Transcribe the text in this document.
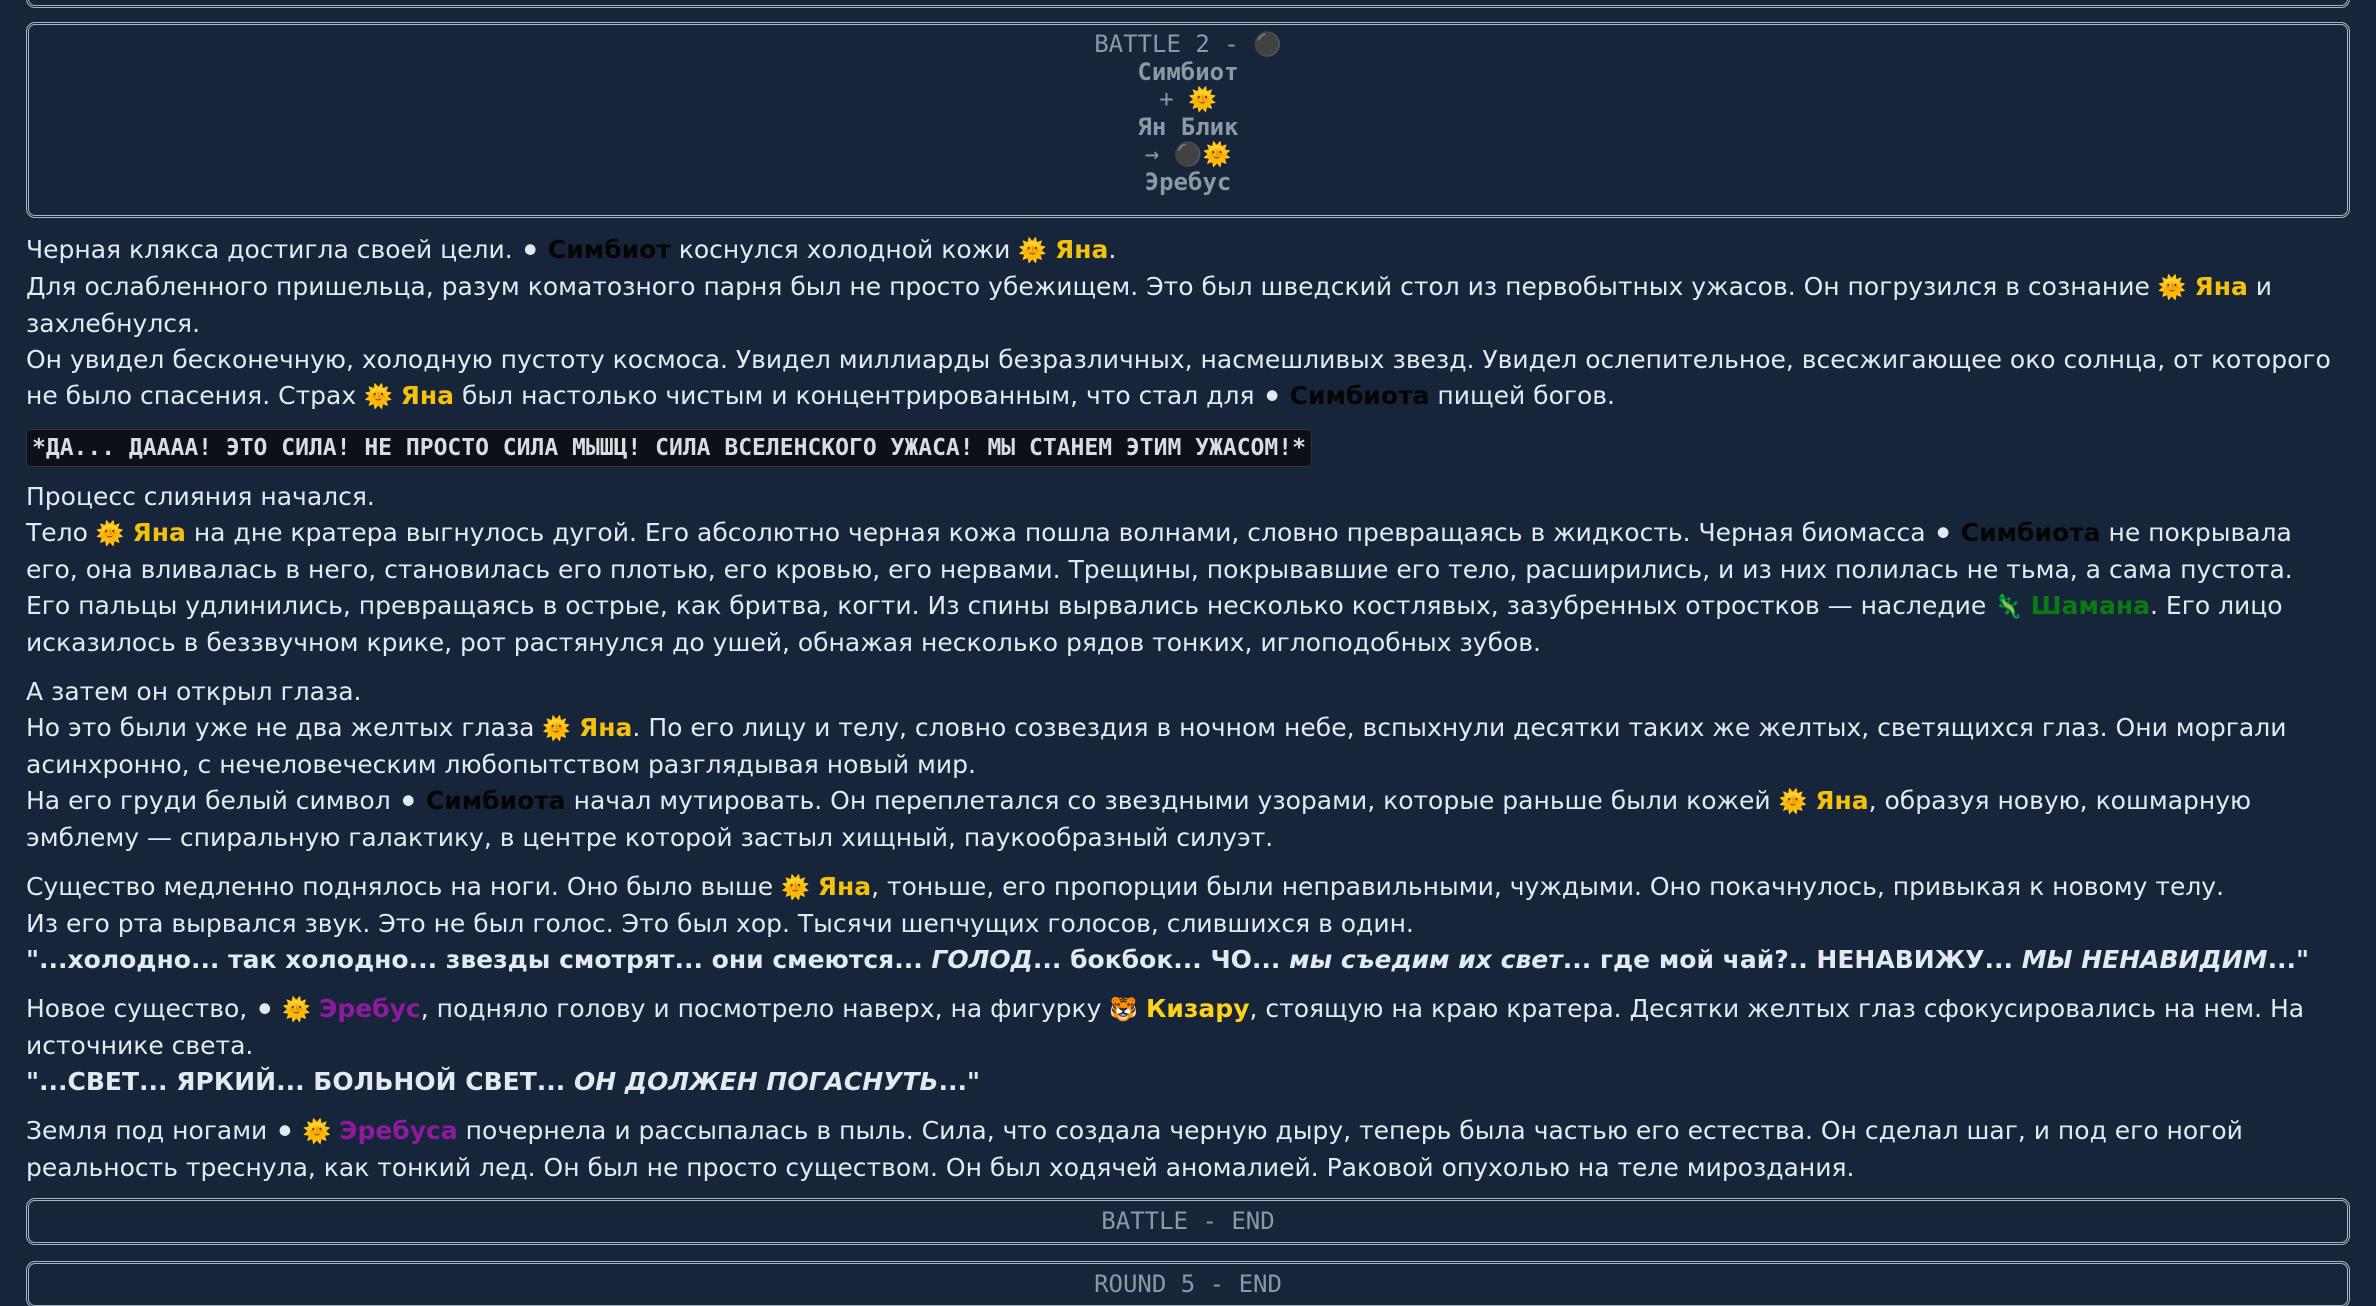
BATTLE 2 - ⚫
Симбиот
+ 🌞
Ян Блик
→ ⚫🌞
Эребус

Черная клякса достигла своей цели. ⚫ Симбиот коснулся холодной кожи 🌞 Яна.

Для ослабленного пришельца, разум коматозного парня был не просто убежищем. Это был шведский стол из первобытных ужасов. Он погрузился в сознание 🌞 Яна и захлебнулся.

Он увидел бесконечную, холодную пустоту космоса. Увидел миллиарды безразличных, насмешливых звезд. Увидел ослепительное, всесжигающее око солнца, от которого не было спасения. Страх 🌞 Яна был настолько чистым и концентрированным, что стал для ⚫ Симбиота пищей богов.

*ДА... ДАААА! ЭТО СИЛА! НЕ ПРОСТО СИЛА МЫШЦ! СИЛА ВСЕЛЕНСКОГО УЖАСА! МЫ СТАНЕМ ЭТИМ УЖАСОМ!*

Процесс слияния начался.

Тело 🌞 Яна на дне кратера выгнулось дугой. Его абсолютно черная кожа пошла волнами, словно превращаясь в жидкость. Черная биомасса ⚫ Симбиота не покрывала его, она вливалась в него, становилась его плотью, его кровью, его нервами. Трещины, покрывавшие его тело, расширились, и из них полилась не тьма, а сама пустота.

Его пальцы удлинились, превращаясь в острые, как бритва, когти. Из спины вырвались несколько костлявых, зазубренных отростков — наследие 🦎 Шамана. Его лицо исказилось в беззвучном крике, рот растянулся до ушей, обнажая несколько рядов тонких, иглоподобных зубов.

А затем он открыл глаза.

Но это были уже не два желтых глаза 🌞 Яна. По его лицу и телу, словно созвездия в ночном небе, вспыхнули десятки таких же желтых, светящихся глаз. Они моргали асинхронно, с нечеловеческим любопытством разглядывая новый мир.

На его груди белый символ ⚫ Симбиота начал мутировать. Он переплетался со звездными узорами, которые раньше были кожей 🌞 Яна, образуя новую, кошмарную эмблему — спиральную галактику, в центре которой застыл хищный, паукообразный силуэт.

Существо медленно поднялось на ноги. Оно было выше 🌞 Яна, тоньше, его пропорции были неправильными, чуждыми. Оно покачнулось, привыкая к новому телу.

Из его рта вырвался звук. Это не был голос. Это был хор. Тысячи шепчущих голосов, слившихся в один.

"...холодно... так холодно... звезды смотрят... они смеются... ГОЛОД... бокбок... ЧО... мы съедим их свет... где мой чай?.. НЕНАВИЖУ... МЫ НЕНАВИДИМ..."

Новое существо, ⚫ 🌞 Эребус, подняло голову и посмотрело наверх, на фигурку 🐯 Кизару, стоящую на краю кратера. Десятки желтых глаз сфокусировались на нем. На источнике света.

"...СВЕТ... ЯРКИЙ... БОЛЬНОЙ СВЕТ... ОН ДОЛЖЕН ПОГАСНУТЬ..."

Земля под ногами ⚫ 🌞 Эребуса почернела и рассыпалась в пыль. Сила, что создала черную дыру, теперь была частью его естества. Он сделал шаг, и под его ногой реальность треснула, как тонкий лед. Он был не просто существом. Он был ходячей аномалией. Раковой опухолью на теле мироздания.

BATTLE - END
ROUND 5 - END
